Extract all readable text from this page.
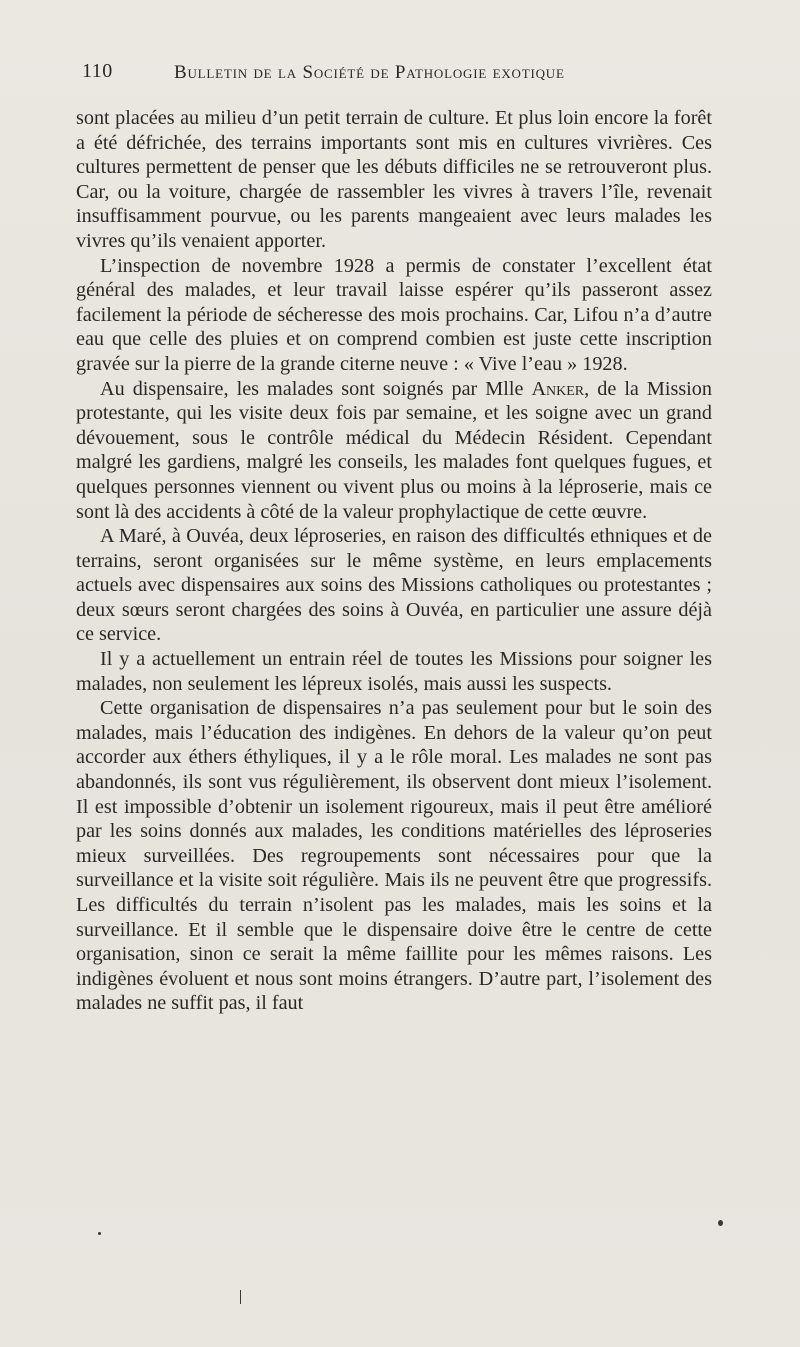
110	Bulletin de la Société de Pathologie exotique

sont placées au milieu d’un petit terrain de culture. Et plus loin encore la forêt a été défrichée, des terrains importants sont mis en cultures vivrières. Ces cultures permettent de penser que les débuts difficiles ne se retrouveront plus. Car, ou la voiture, chargée de rassembler les vivres à travers l’île, revenait insuffisamment pourvue, ou les parents mangeaient avec leurs malades les vivres qu’ils venaient apporter.

L’inspection de novembre 1928 a permis de constater l’excellent état général des malades, et leur travail laisse espérer qu’ils passeront assez facilement la période de sécheresse des mois prochains. Car, Lifou n’a d’autre eau que celle des pluies et on comprend combien est juste cette inscription gravée sur la pierre de la grande citerne neuve : « Vive l’eau » 1928.

Au dispensaire, les malades sont soignés par Mlle Anker, de la Mission protestante, qui les visite deux fois par semaine, et les soigne avec un grand dévouement, sous le contrôle médical du Médecin Résident. Cependant malgré les gardiens, malgré les conseils, les malades font quelques fugues, et quelques personnes viennent ou vivent plus ou moins à la léproserie, mais ce sont là des accidents à côté de la valeur prophylactique de cette œuvre.

A Maré, à Ouvéa, deux léproseries, en raison des difficultés ethniques et de terrains, seront organisées sur le même système, en leurs emplacements actuels avec dispensaires aux soins des Missions catholiques ou protestantes ; deux sœurs seront chargées des soins à Ouvéa, en particulier une assure déjà ce service.

Il y a actuellement un entrain réel de toutes les Missions pour soigner les malades, non seulement les lépreux isolés, mais aussi les suspects.

Cette organisation de dispensaires n’a pas seulement pour but le soin des malades, mais l’éducation des indigènes. En dehors de la valeur qu’on peut accorder aux éthers éthyliques, il y a le rôle moral. Les malades ne sont pas abandonnés, ils sont vus régulièrement, ils observent dont mieux l’isolement. Il est impossible d’obtenir un isolement rigoureux, mais il peut être amélioré par les soins donnés aux malades, les conditions matérielles des léproseries mieux surveillées. Des regroupements sont nécessaires pour que la surveillance et la visite soit régulière. Mais ils ne peuvent être que progressifs. Les difficultés du terrain n’isolent pas les malades, mais les soins et la surveillance. Et il semble que le dispensaire doive être le centre de cette organisation, sinon ce serait la même faillite pour les mêmes raisons. Les indigènes évoluent et nous sont moins étrangers. D’autre part, l’isolement des malades ne suffit pas, il faut
